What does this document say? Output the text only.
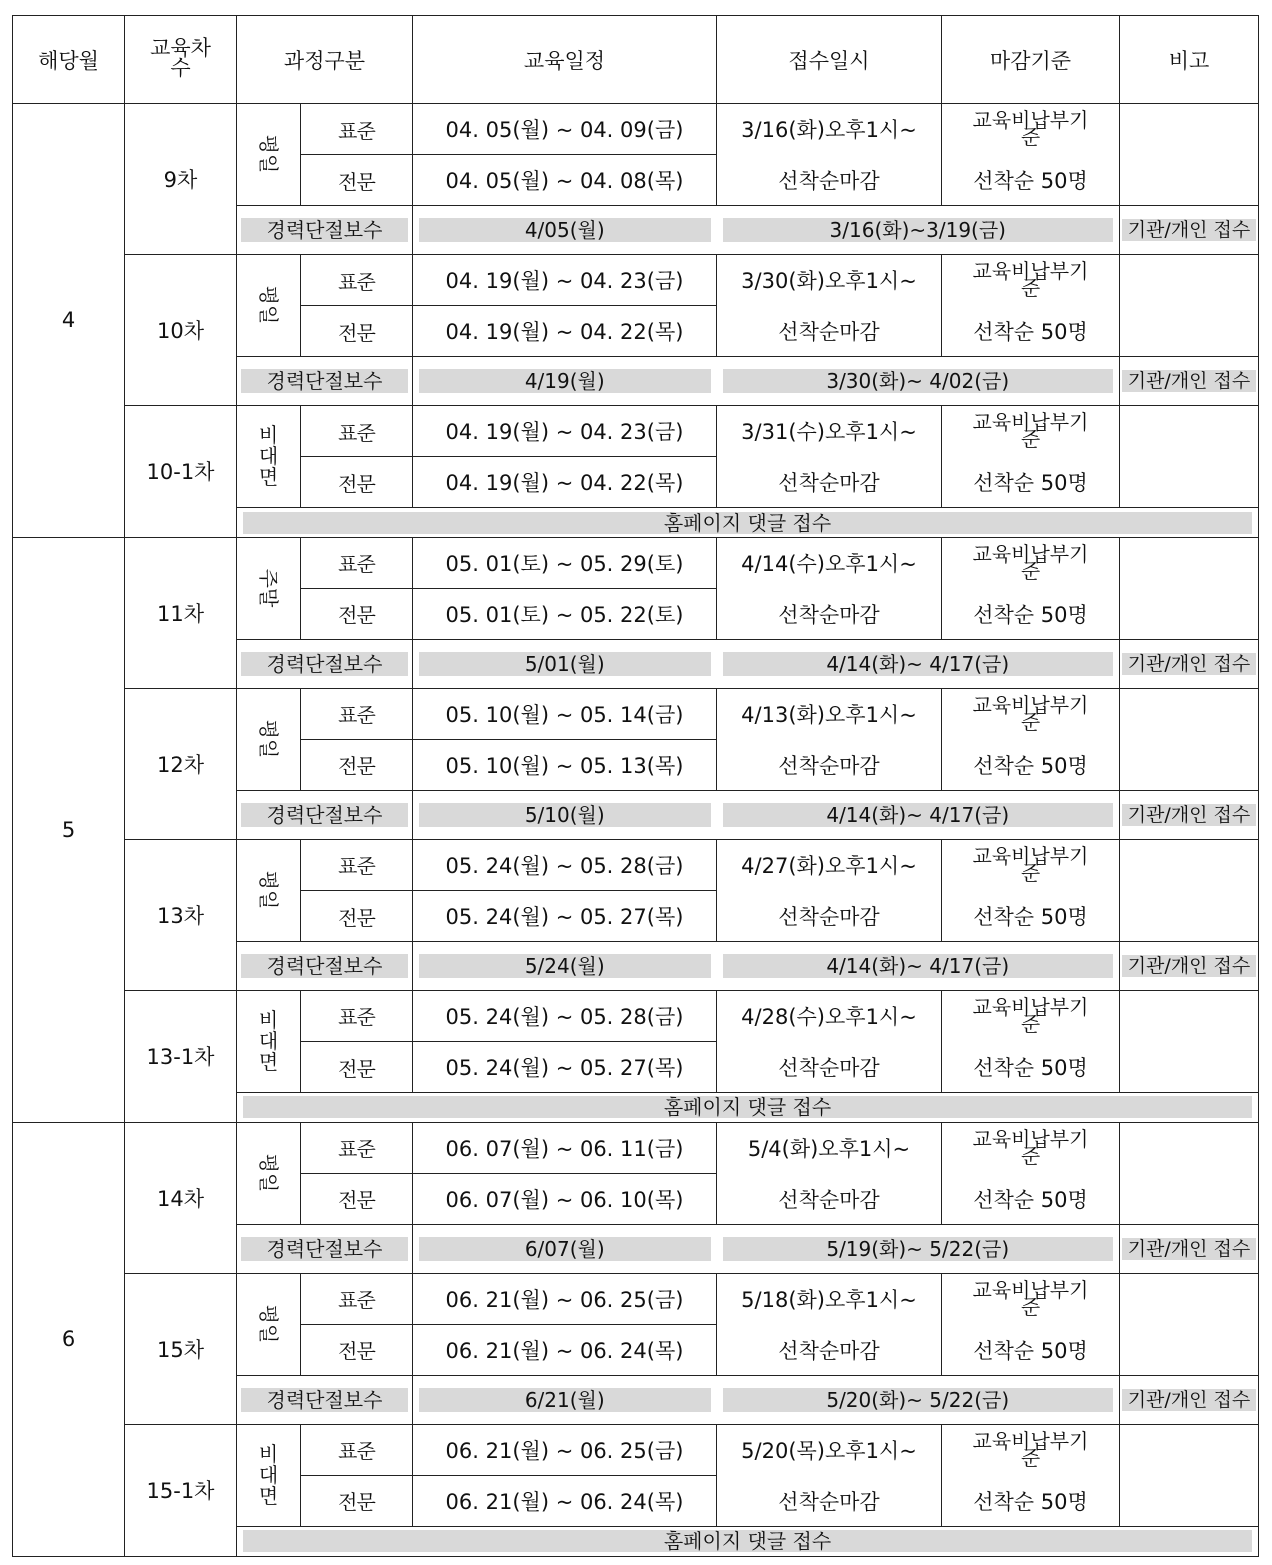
해당월	교육차수	과정구분		교육일정	접수일시	마감기준	비고
4	9차	평일	표준	04. 05(월) ~ 04. 09(금)	3/16(화)오후1시~	교육비납부기
준	

			전문	04. 05(월) ~ 04. 08(목)	선착순마감	선착순 50명	

		경력단절보수		4/05(월)	3/16(화)~3/19(금)		기관/개인 접수

	10차	평일	표준	04. 19(월) ~ 04. 23(금)	3/30(화)오후1시~	교육비납부기
준	

			전문	04. 19(월) ~ 04. 22(목)	선착순마감	선착순 50명	

		경력단절보수		4/19(월)	3/30(화)~ 4/02(금)		기관/개인 접수

	10-1차	비대면	표준	04. 19(월) ~ 04. 23(금)	3/31(수)오후1시~	교육비납부기
준	

			전문	04. 19(월) ~ 04. 22(목)	선착순마감	선착순 50명	

		홈페이지 댓글 접수					

5	11차	주말	표준	05. 01(토) ~ 05. 29(토)	4/14(수)오후1시~	교육비납부기
준	

			전문	05. 01(토) ~ 05. 22(토)	선착순마감	선착순 50명	

		경력단절보수		5/01(월)	4/14(화)~ 4/17(금)		기관/개인 접수

	12차	평일	표준	05. 10(월) ~ 05. 14(금)	4/13(화)오후1시~	교육비납부기
준	

			전문	05. 10(월) ~ 05. 13(목)	선착순마감	선착순 50명	

		경력단절보수		5/10(월)	4/14(화)~ 4/17(금)		기관/개인 접수

	13차	평일	표준	05. 24(월) ~ 05. 28(금)	4/27(화)오후1시~	교육비납부기
준	

			전문	05. 24(월) ~ 05. 27(목)	선착순마감	선착순 50명	

		경력단절보수		5/24(월)	4/14(화)~ 4/17(금)		기관/개인 접수

	13-1차	비대면	표준	05. 24(월) ~ 05. 28(금)	4/28(수)오후1시~	교육비납부기
준	

			전문	05. 24(월) ~ 05. 27(목)	선착순마감	선착순 50명	

		홈페이지 댓글 접수					

6	14차	평일	표준	06. 07(월) ~ 06. 11(금)	5/4(화)오후1시~	교육비납부기
준	

			전문	06. 07(월) ~ 06. 10(목)	선착순마감	선착순 50명	

		경력단절보수		6/07(월)	5/19(화)~ 5/22(금)		기관/개인 접수

	15차	평일	표준	06. 21(월) ~ 06. 25(금)	5/18(화)오후1시~	교육비납부기
준	

			전문	06. 21(월) ~ 06. 24(목)	선착순마감	선착순 50명	

		경력단절보수		6/21(월)	5/20(화)~ 5/22(금)		기관/개인 접수

	15-1차	비대면	표준	06. 21(월) ~ 06. 25(금)	5/20(목)오후1시~	교육비납부기
준	

			전문	06. 21(월) ~ 06. 24(목)	선착순마감	선착순 50명	

		홈페이지 댓글 접수					
